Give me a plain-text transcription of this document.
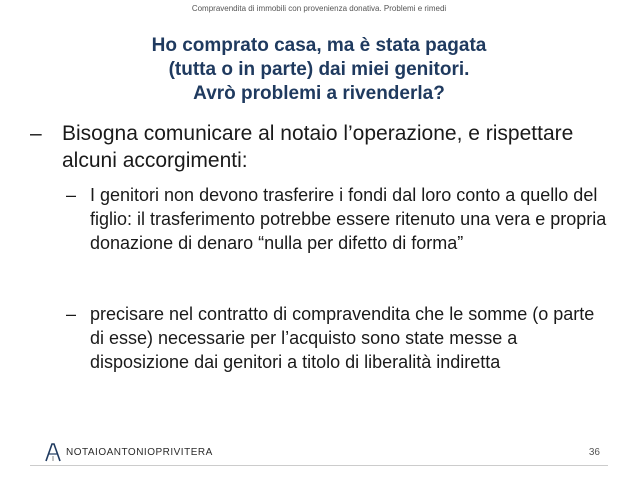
Compravendita di immobili con provenienza donativa. Problemi e rimedi
Ho comprato casa, ma è stata pagata
(tutta o in parte) dai miei genitori.
Avrò problemi a rivenderla?
– Bisogna comunicare al notaio l’operazione, e rispettare alcuni accorgimenti:
– I genitori non devono trasferire i fondi dal loro conto a quello del figlio: il trasferimento potrebbe essere ritenuto una vera e propria donazione di denaro “nulla per difetto di forma”
– precisare nel contratto di compravendita che le somme (o parte di esse) necessarie per l’acquisto sono state messe a disposizione dai genitori a titolo di liberalità indiretta
NOTAIOANTONIOPRIVITERA	36
